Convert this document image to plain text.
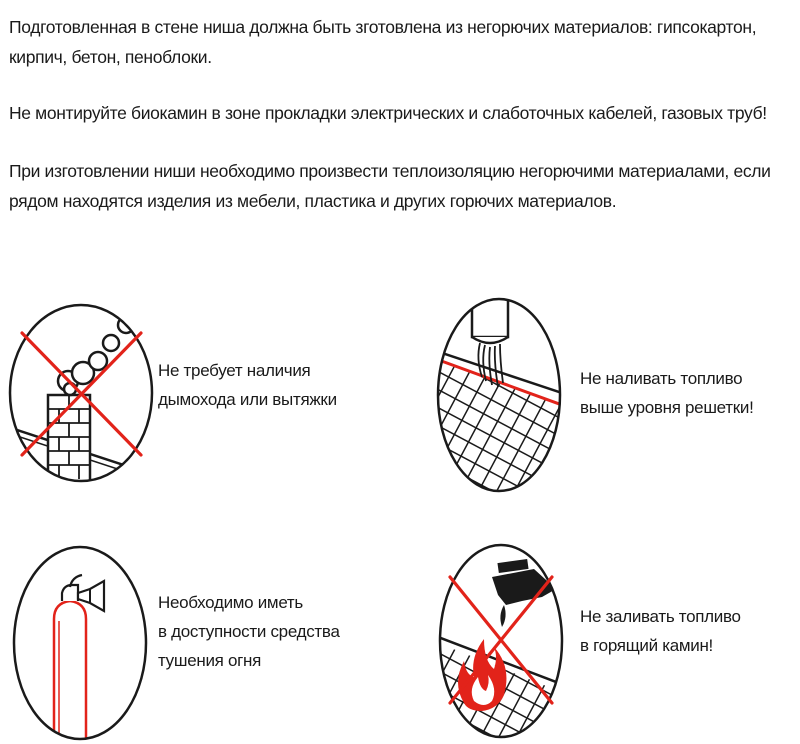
Подготовленная в стене ниша должна быть зготовлена из негорючих материалов: гипсокартон,
кирпич, бетон, пеноблоки.

Не монтируйте биокамин в зоне прокладки электрических и слаботочных кабелей, газовых труб!

При изготовлении ниши необходимо произвести теплоизоляцию негорючими материалами, если
рядом находятся изделия из мебели, пластика и других горючих материалов.

Не требует наличия
дымохода или вытяжки

Не наливать топливо
выше уровня решетки!

Необходимо иметь
в доступности средства
тушения огня

Не заливать топливо
в горящий камин!
